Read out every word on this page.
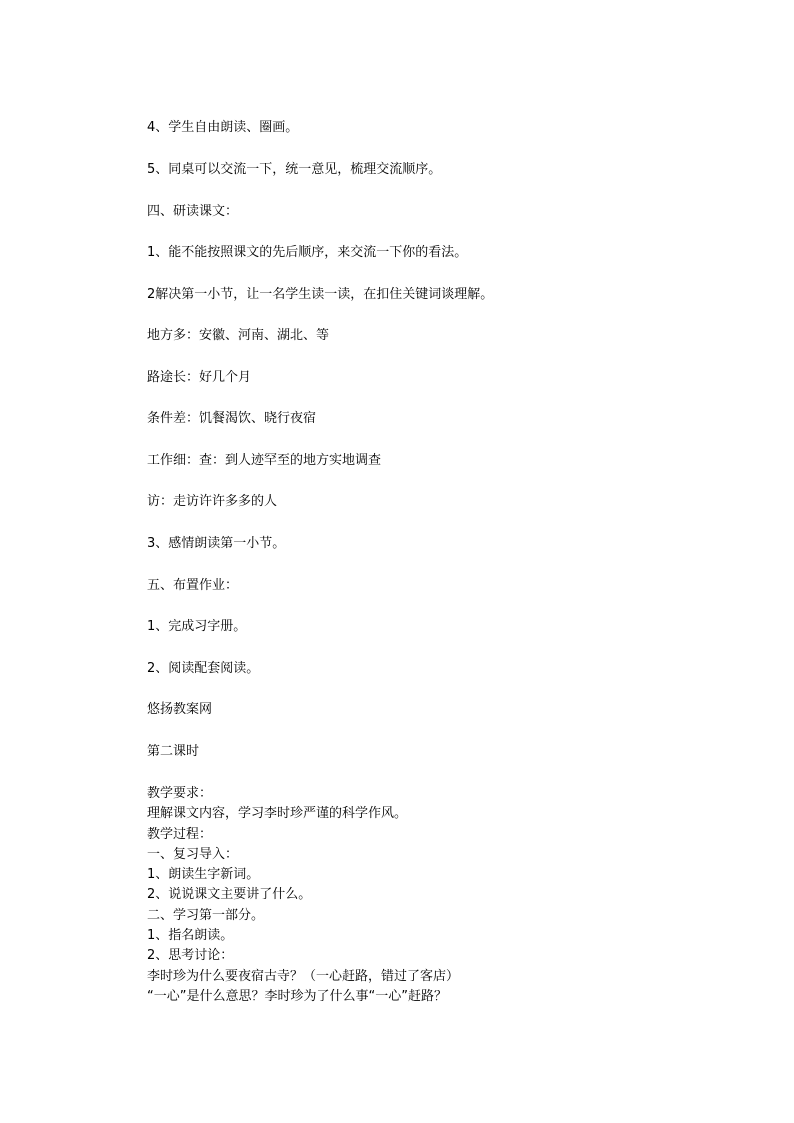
4、学生自由朗读、圈画。

5、同桌可以交流一下，统一意见，梳理交流顺序。

四、研读课文：

1、能不能按照课文的先后顺序，来交流一下你的看法。

2解决第一小节，让一名学生读一读，在扣住关键词谈理解。

地方多：安徽、河南、湖北、等

路途长：好几个月

条件差：饥餐渴饮、晓行夜宿

工作细：查：到人迹罕至的地方实地调查

访：走访许许多多的人

3、感情朗读第一小节。

五、布置作业：

1、完成习字册。

2、阅读配套阅读。

悠扬教案网

第二课时

教学要求：
理解课文内容，学习李时珍严谨的科学作风。
教学过程：
一、复习导入：
1、朗读生字新词。
2、说说课文主要讲了什么。
二、学习第一部分。
1、指名朗读。
2、思考讨论：
李时珍为什么要夜宿古寺？（一心赶路，错过了客店）
“一心”是什么意思？李时珍为了什么事“一心”赶路？
